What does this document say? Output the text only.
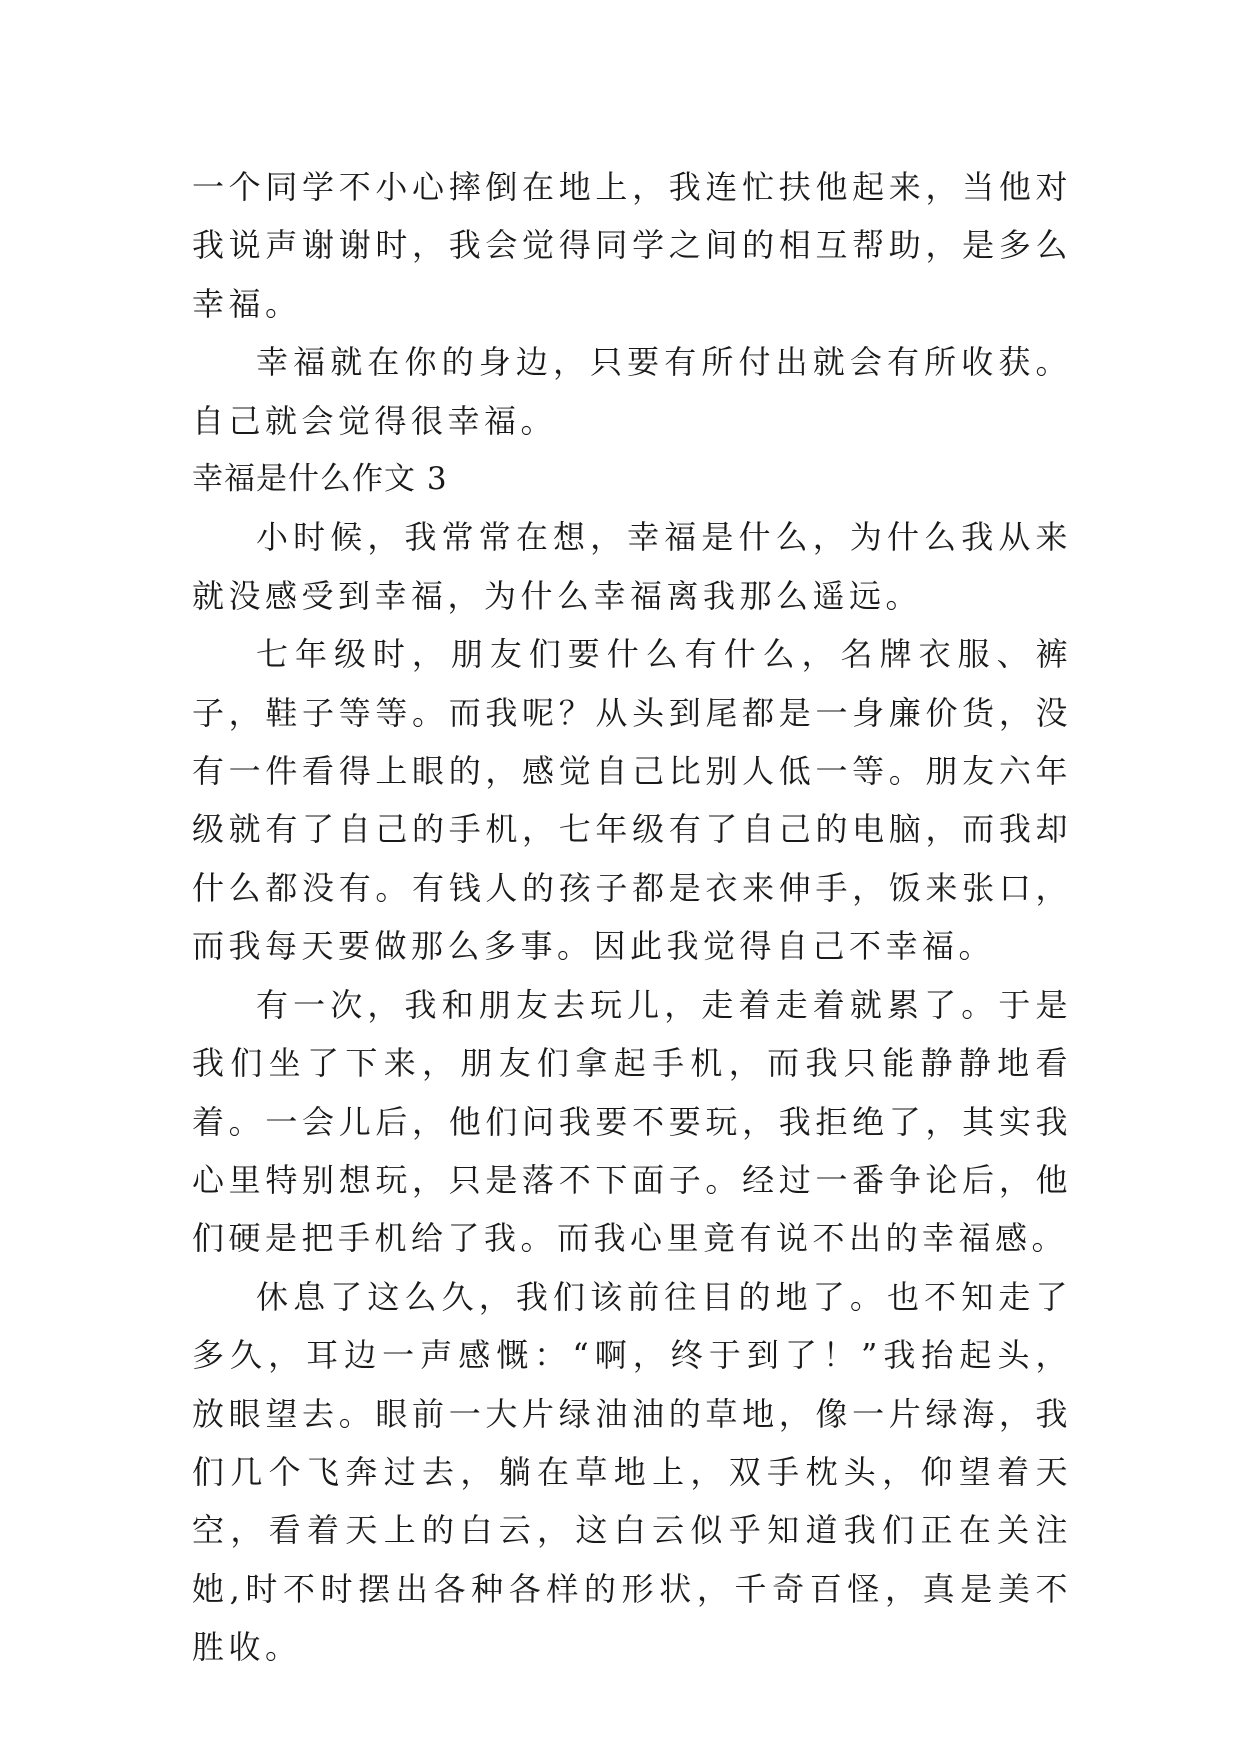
一个同学不小心摔倒在地上，我连忙扶他起来，当他对我说声谢谢时，我会觉得同学之间的相互帮助，是多么幸福。

幸福就在你的身边，只要有所付出就会有所收获。自己就会觉得很幸福。

幸福是什么作文 3

小时候，我常常在想，幸福是什么，为什么我从来就没感受到幸福，为什么幸福离我那么遥远。

七年级时，朋友们要什么有什么，名牌衣服、裤子，鞋子等等。而我呢？从头到尾都是一身廉价货，没有一件看得上眼的，感觉自己比别人低一等。朋友六年级就有了自己的手机，七年级有了自己的电脑，而我却什么都没有。有钱人的孩子都是衣来伸手，饭来张口，而我每天要做那么多事。因此我觉得自己不幸福。

有一次，我和朋友去玩儿，走着走着就累了。于是我们坐了下来，朋友们拿起手机，而我只能静静地看着。一会儿后，他们问我要不要玩，我拒绝了，其实我心里特别想玩，只是落不下面子。经过一番争论后，他们硬是把手机给了我。而我心里竟有说不出的幸福感。

休息了这么久，我们该前往目的地了。也不知走了多久，耳边一声感慨：“啊，终于到了！”我抬起头，放眼望去。眼前一大片绿油油的草地，像一片绿海，我们几个飞奔过去，躺在草地上，双手枕头，仰望着天空，看着天上的白云，这白云似乎知道我们正在关注她,时不时摆出各种各样的形状，千奇百怪，真是美不胜收。
